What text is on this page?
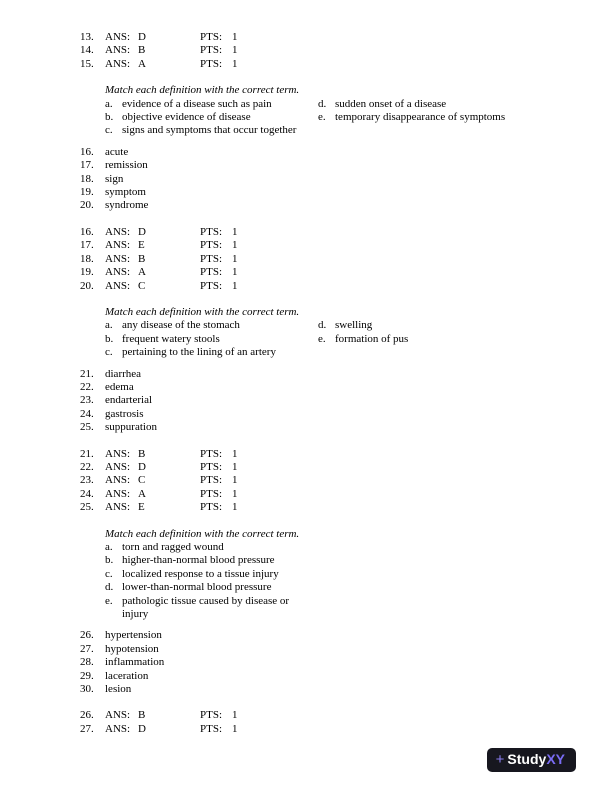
13.	ANS: D	PTS: 1
14.	ANS: B	PTS: 1
15.	ANS: A	PTS: 1
Match each definition with the correct term.
a. evidence of a disease such as pain
b. objective evidence of disease
c. signs and symptoms that occur together
d. sudden onset of a disease
e. temporary disappearance of symptoms
16.	acute
17.	remission
18.	sign
19.	symptom
20.	syndrome
16.	ANS: D	PTS: 1
17.	ANS: E	PTS: 1
18.	ANS: B	PTS: 1
19.	ANS: A	PTS: 1
20.	ANS: C	PTS: 1
Match each definition with the correct term.
a. any disease of the stomach
b. frequent watery stools
c. pertaining to the lining of an artery
d. swelling
e. formation of pus
21.	diarrhea
22.	edema
23.	endarterial
24.	gastrosis
25.	suppuration
21.	ANS: B	PTS: 1
22.	ANS: D	PTS: 1
23.	ANS: C	PTS: 1
24.	ANS: A	PTS: 1
25.	ANS: E	PTS: 1
Match each definition with the correct term.
a. torn and ragged wound
b. higher-than-normal blood pressure
c. localized response to a tissue injury
d. lower-than-normal blood pressure
e. pathologic tissue caused by disease or injury
26.	hypertension
27.	hypotension
28.	inflammation
29.	laceration
30.	lesion
26.	ANS: B	PTS: 1
27.	ANS: D	PTS: 1
+ Study XY
